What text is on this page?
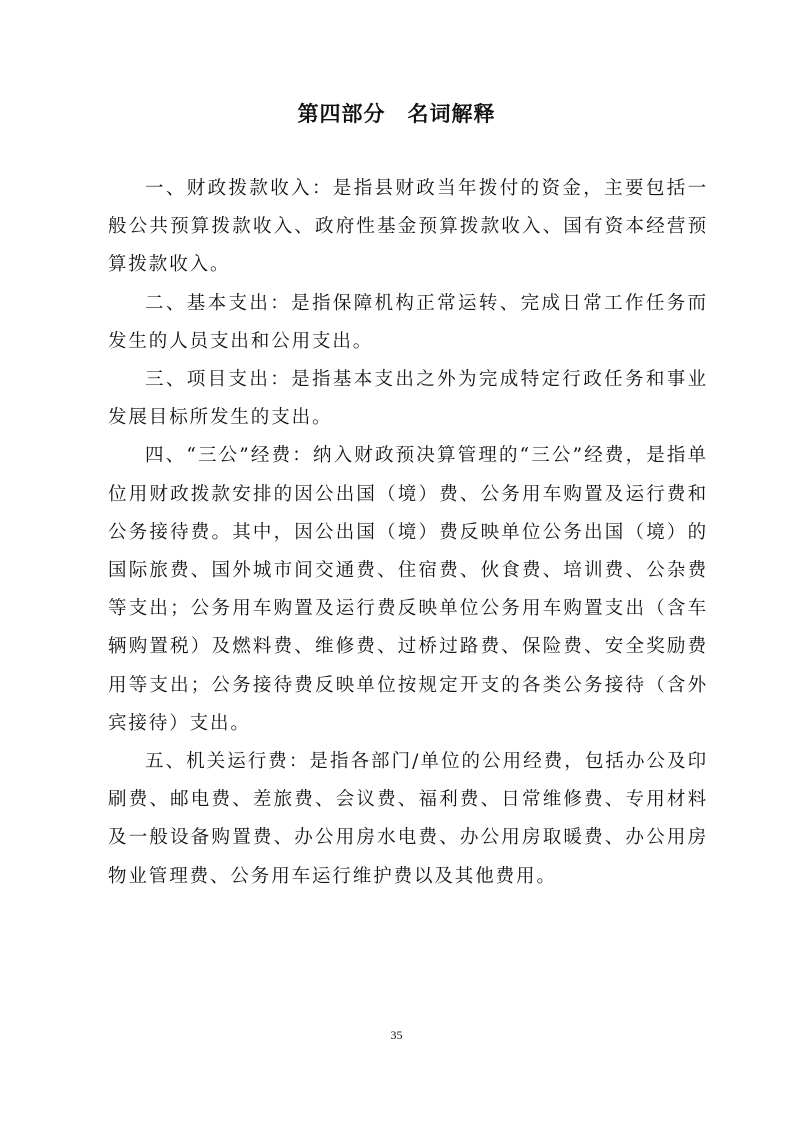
第四部分　名词解释

一、财政拨款收入：是指县财政当年拨付的资金，主要包括一般公共预算拨款收入、政府性基金预算拨款收入、国有资本经营预算拨款收入。

二、基本支出：是指保障机构正常运转、完成日常工作任务而发生的人员支出和公用支出。

三、项目支出：是指基本支出之外为完成特定行政任务和事业发展目标所发生的支出。

四、“三公”经费：纳入财政预决算管理的“三公”经费，是指单位用财政拨款安排的因公出国（境）费、公务用车购置及运行费和公务接待费。其中，因公出国（境）费反映单位公务出国（境）的国际旅费、国外城市间交通费、住宿费、伙食费、培训费、公杂费等支出；公务用车购置及运行费反映单位公务用车购置支出（含车辆购置税）及燃料费、维修费、过桥过路费、保险费、安全奖励费用等支出；公务接待费反映单位按规定开支的各类公务接待（含外宾接待）支出。

五、机关运行费：是指各部门/单位的公用经费，包括办公及印刷费、邮电费、差旅费、会议费、福利费、日常维修费、专用材料及一般设备购置费、办公用房水电费、办公用房取暖费、办公用房物业管理费、公务用车运行维护费以及其他费用。

35
